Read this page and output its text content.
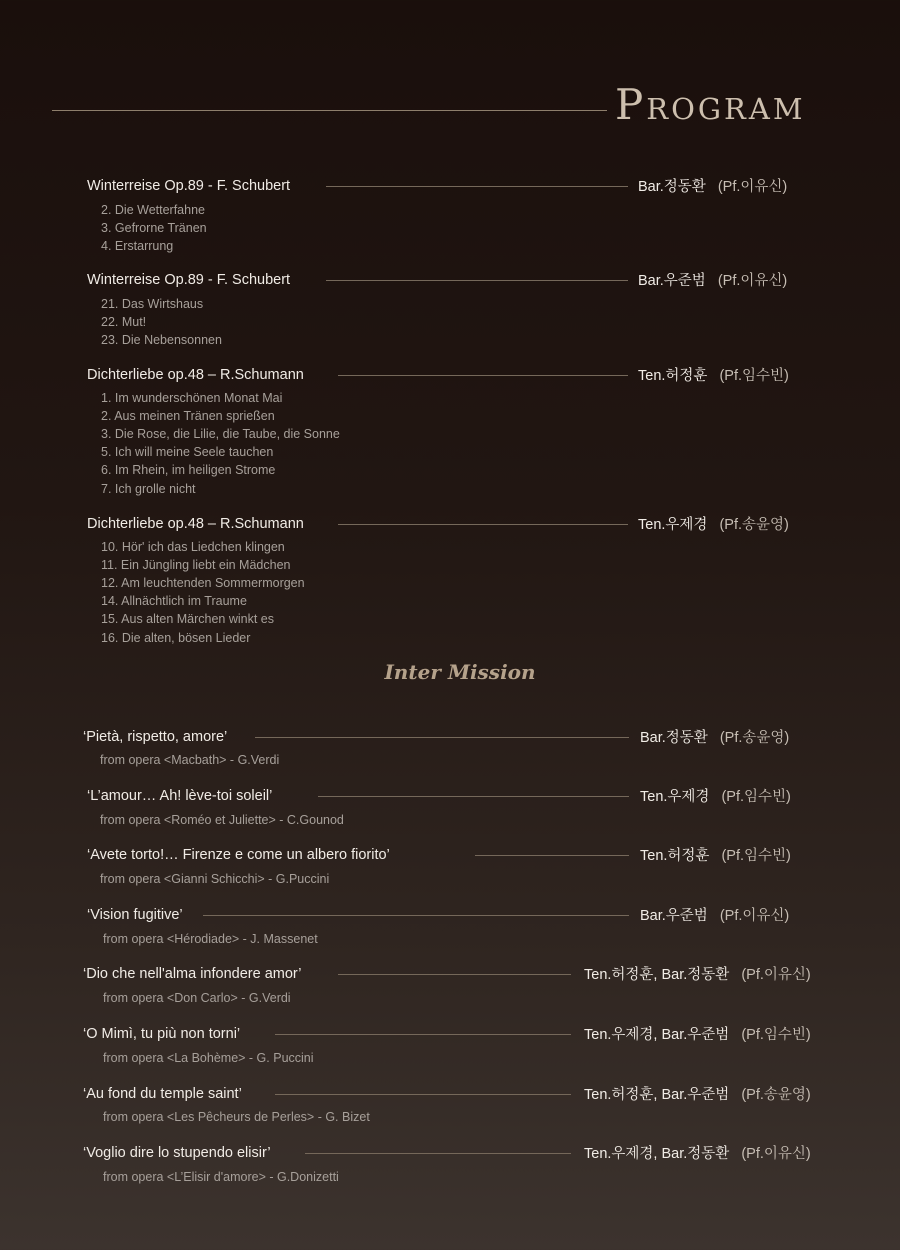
PROGRAM
Winterreise Op.89 - F. Schubert	Bar.정동환 (Pf.이유신)
2. Die Wetterfahne
3. Gefrorne Tränen
4. Erstarrung
Winterreise Op.89 - F. Schubert	Bar.우준범 (Pf.이유신)
21. Das Wirtshaus
22. Mut!
23. Die Nebensonnen
Dichterliebe op.48 – R.Schumann	Ten.허정훈 (Pf.임수빈)
1. Im wunderschönen Monat Mai
2. Aus meinen Tränen sprießen
3. Die Rose, die Lilie, die Taube, die Sonne
5. Ich will meine Seele tauchen
6. Im Rhein, im heiligen Strome
7. Ich grolle nicht
Dichterliebe op.48 – R.Schumann	Ten.우제경 (Pf.송윤영)
10. Hör' ich das Liedchen klingen
11. Ein Jüngling liebt ein Mädchen
12. Am leuchtenden Sommermorgen
14. Allnächtlich im Traume
15. Aus alten Märchen winkt es
16. Die alten, bösen Lieder
Inter Mission
‘Pietà, rispetto, amore’	Bar.정동환 (Pf.송윤영)
from opera <Macbath> - G.Verdi
‘L’amour… Ah! lève-toi soleil’	Ten.우제경 (Pf.임수빈)
from opera <Roméo et Juliette> - C.Gounod
‘Avete torto!… Firenze e come un albero fiorito’	Ten.허정훈 (Pf.임수빈)
from opera <Gianni Schicchi> - G.Puccini
‘Vision fugitive’	Bar.우준범 (Pf.이유신)
from opera <Hérodiade> - J. Massenet
‘Dio che nell'alma infondere amor’	Ten.허정훈, Bar.정동환 (Pf.이유신)
from opera <Don Carlo> - G.Verdi
‘O Mimì, tu più non torni’	Ten.우제경, Bar.우준범 (Pf.임수빈)
from opera <La Bohème> - G. Puccini
‘Au fond du temple saint’	Ten.허정훈, Bar.우준범 (Pf.송윤영)
from opera <Les Pêcheurs de Perles> - G. Bizet
‘Voglio dire lo stupendo elisir’	Ten.우제경, Bar.정동환 (Pf.이유신)
from opera <L’Elisir d'amore> - G.Donizetti
